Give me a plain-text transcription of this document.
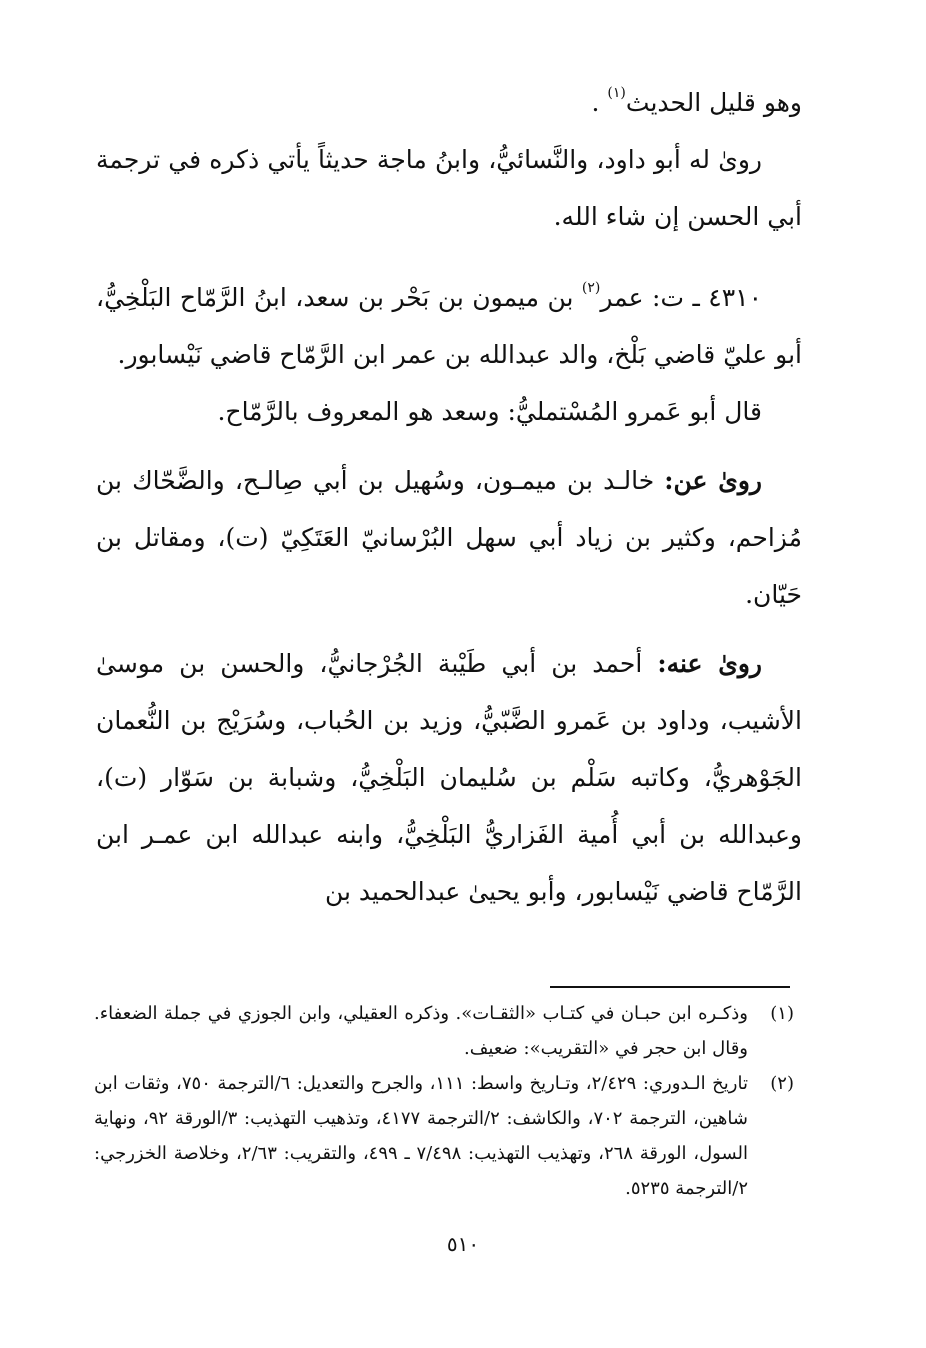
وهو قليل الحديث$^{(١)}$ .

رویٰ له أبو داود، والنَّسائيُّ، وابنُ ماجة حديثاً يأتي ذكره في ترجمة أبي الحسن إن شاء الله.

٤٣١٠ ـ ت: عمر$^{(٢)}$ بن ميمون بن بَحْر بن سعد، ابنُ الرَّمّاح البَلْخِيُّ، أبو عليّ قاضي بَلْخ، والد عبدالله بن عمر ابن الرَّمّاح قاضي نَيْسابور.

قال أبو عَمرو المُسْتمليُّ: وسعد هو المعروف بالرَّمّاح.

رویٰ عن: خالـد بن ميمـون، وسُهيل بن أبي صِالـح، والضَّحّاك بن مُزاحم، وكثير بن زياد أبي سهل البُرْسانيّ العَتَكِيّ (ت)، ومقاتل بن حَيّان.

رویٰ عنه: أحمد بن أبي طَيْبة الجُرْجانيُّ، والحسن بن موسىٰ الأشيب، وداود بن عَمرو الضَّبّيُّ، وزيد بن الحُباب، وسُرَيْج بن النُّعمان الجَوْهريُّ، وكاتبه سَلْم بن سُليمان البَلْخِيُّ، وشبابة بن سَوّار (ت)، وعبدالله بن أبي أُمية الفَزاريُّ البَلْخِيُّ، وابنه عبدالله ابن عمـر ابن الرَّمّاح قاضي نَيْسابور، وأبو يحيىٰ عبدالحميد بن

(١)
وذكـره ابن حبـان في كتـاب «الثقـات». وذكره العقيلي، وابن الجوزي في جملة الضعفاء. وقال ابن حجر في «التقريب»: ضعيف.
(٢)
تاريخ الـدوري: ٢/٤٢٩، وتـاريخ واسط: ١١١، والجرح والتعديل: ٦/الترجمة ٧٥٠، وثقات ابن شاهين، الترجمة ٧٠٢، والكاشف: ٢/الترجمة ٤١٧٧، وتذهيب التهذيب: ٣/الورقة ٩٢، ونهاية السول، الورقة ٢٦٨، وتهذيب التهذيب: ٧/٤٩٨ ـ ٤٩٩، والتقريب: ٢/٦٣، وخلاصة الخزرجي: ٢/الترجمة ٥٢٣٥.
٥١٠
